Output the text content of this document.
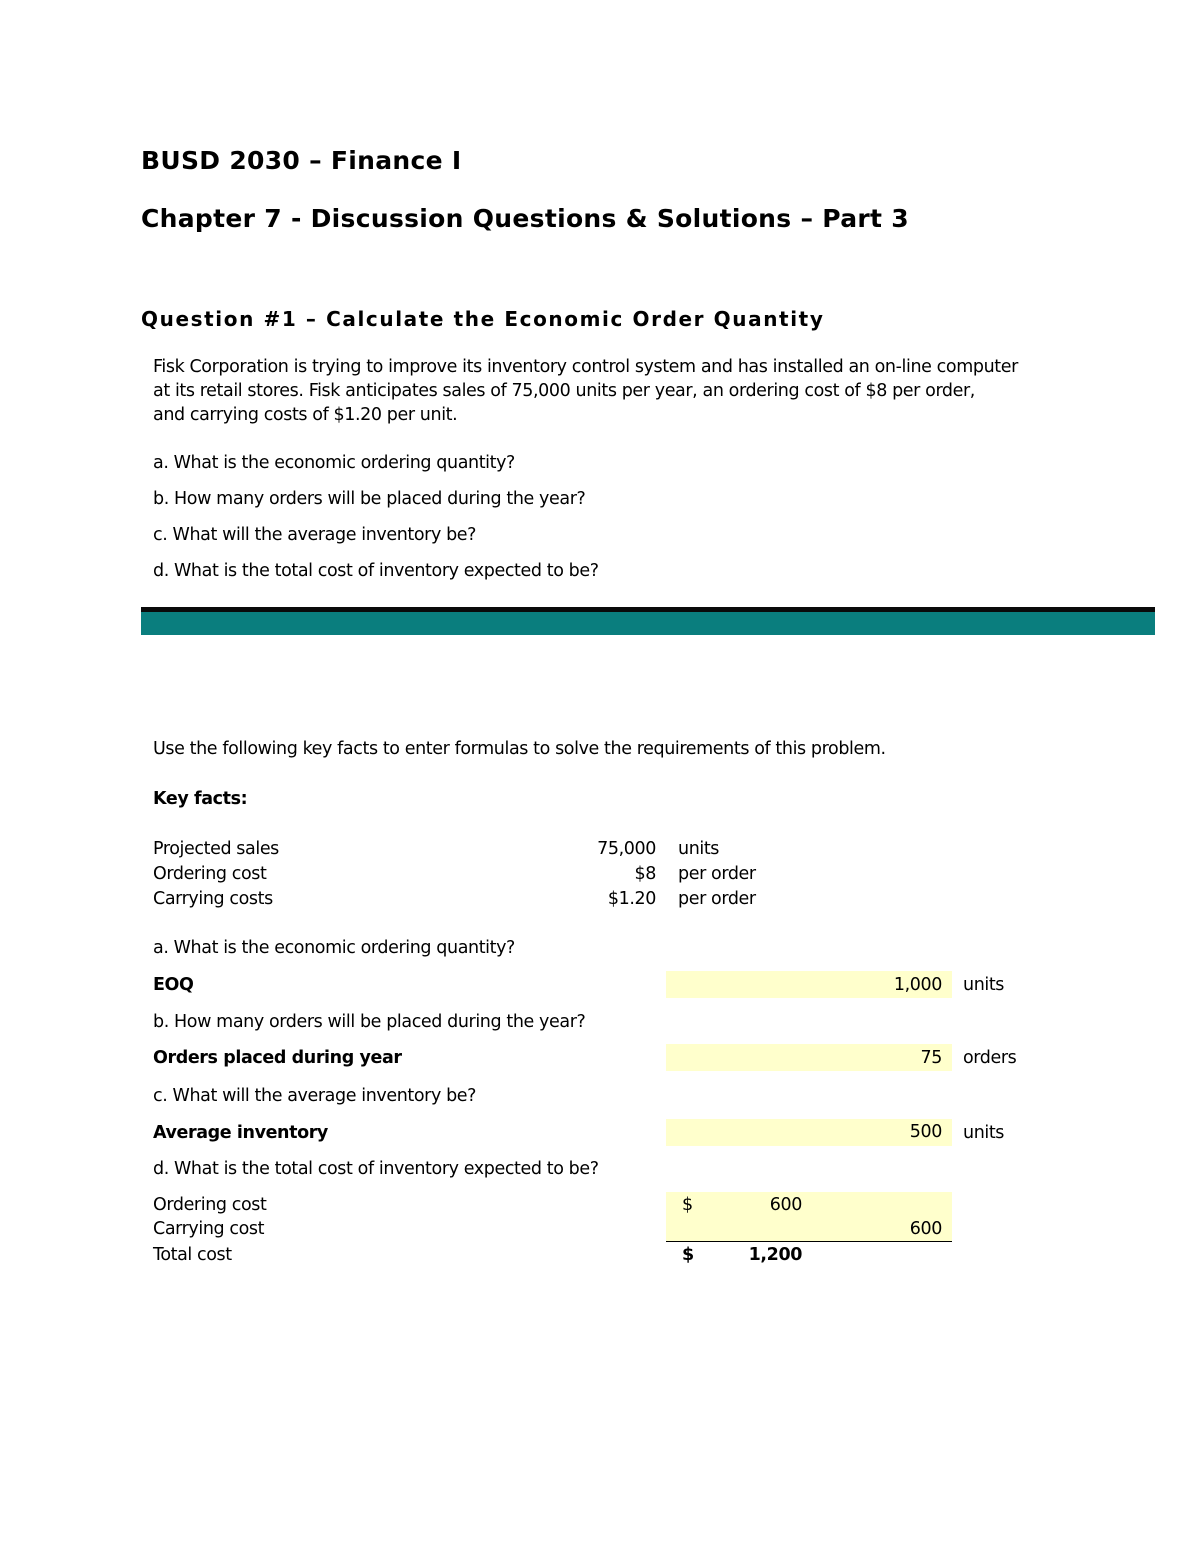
BUSD 2030 – Finance I
Chapter 7 - Discussion Questions & Solutions – Part 3
Question #1 – Calculate the Economic Order Quantity
Fisk Corporation is trying to improve its inventory control system and has installed an on-line computer
at its retail stores. Fisk anticipates sales of 75,000 units per year, an ordering cost of $8 per order,
and carrying costs of $1.20 per unit.
a. What is the economic ordering quantity?
b. How many orders will be placed during the year?
c. What will the average inventory be?
d. What is the total cost of inventory expected to be?
Use the following key facts to enter formulas to solve the requirements of this problem.
Key facts:
Projected sales	75,000 units
Ordering cost	$8 per order
Carrying costs	$1.20 per order
a. What is the economic ordering quantity?
EOQ	1,000 units
b. How many orders will be placed during the year?
Orders placed during year	75 orders
c. What will the average inventory be?
Average inventory	500 units
d. What is the total cost of inventory expected to be?
Ordering cost	$	600
Carrying cost	600
Total cost	$	1,200
